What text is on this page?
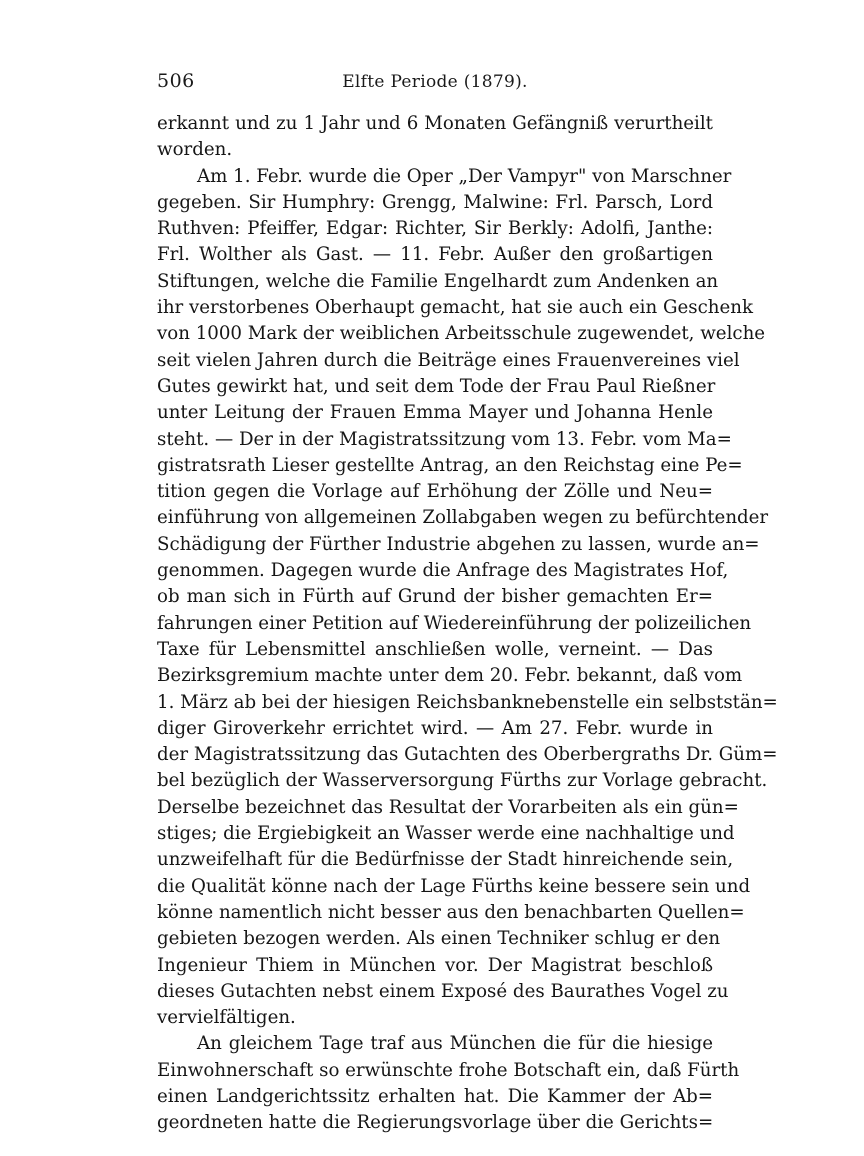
506	Elfte Periode (1879).
erkannt und zu 1 Jahr und 6 Monaten Gefängniß verurtheilt
worden.
Am 1. Febr. wurde die Oper „Der Vampyr" von Marschner
gegeben. Sir Humphry: Grengg, Malwine: Frl. Parsch, Lord
Ruthven: Pfeiffer, Edgar: Richter, Sir Berkly: Adolfi, Janthe:
Frl. Wolther als Gast. — 11. Febr. Außer den großartigen
Stiftungen, welche die Familie Engelhardt zum Andenken an
ihr verstorbenes Oberhaupt gemacht, hat sie auch ein Geschenk
von 1000 Mark der weiblichen Arbeitsschule zugewendet, welche
seit vielen Jahren durch die Beiträge eines Frauenvereines viel
Gutes gewirkt hat, und seit dem Tode der Frau Paul Rießner
unter Leitung der Frauen Emma Mayer und Johanna Henle
steht. — Der in der Magistratssitzung vom 13. Febr. vom Ma=
gistratsrath Lieser gestellte Antrag, an den Reichstag eine Pe=
tition gegen die Vorlage auf Erhöhung der Zölle und Neu=
einführung von allgemeinen Zollabgaben wegen zu befürchtender
Schädigung der Fürther Industrie abgehen zu lassen, wurde an=
genommen. Dagegen wurde die Anfrage des Magistrates Hof,
ob man sich in Fürth auf Grund der bisher gemachten Er=
fahrungen einer Petition auf Wiedereinführung der polizeilichen
Taxe für Lebensmittel anschließen wolle, verneint. — Das
Bezirksgremium machte unter dem 20. Febr. bekannt, daß vom
1. März ab bei der hiesigen Reichsbanknebenstelle ein selbststän=
diger Giroverkehr errichtet wird. — Am 27. Febr. wurde in
der Magistratssitzung das Gutachten des Oberbergraths Dr. Güm=
bel bezüglich der Wasserversorgung Fürths zur Vorlage gebracht.
Derselbe bezeichnet das Resultat der Vorarbeiten als ein gün=
stiges; die Ergiebigkeit an Wasser werde eine nachhaltige und
unzweifelhaft für die Bedürfnisse der Stadt hinreichende sein,
die Qualität könne nach der Lage Fürths keine bessere sein und
könne namentlich nicht besser aus den benachbarten Quellen=
gebieten bezogen werden. Als einen Techniker schlug er den
Ingenieur Thiem in München vor. Der Magistrat beschloß
dieses Gutachten nebst einem Exposé des Baurathes Vogel zu
vervielfältigen.
An gleichem Tage traf aus München die für die hiesige
Einwohnerschaft so erwünschte frohe Botschaft ein, daß Fürth
einen Landgerichtssitz erhalten hat. Die Kammer der Ab=
geordneten hatte die Regierungsvorlage über die Gerichts=
